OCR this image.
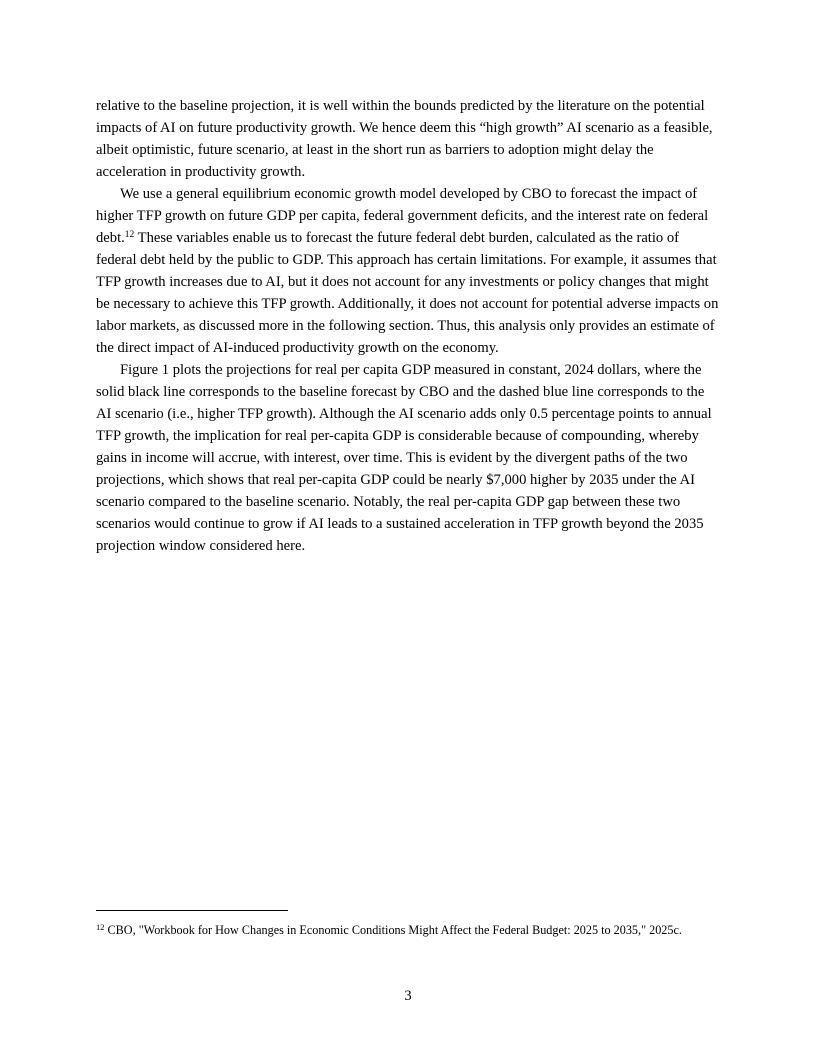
relative to the baseline projection, it is well within the bounds predicted by the literature on the potential impacts of AI on future productivity growth. We hence deem this “high growth” AI scenario as a feasible, albeit optimistic, future scenario, at least in the short run as barriers to adoption might delay the acceleration in productivity growth.

We use a general equilibrium economic growth model developed by CBO to forecast the impact of higher TFP growth on future GDP per capita, federal government deficits, and the interest rate on federal debt.$^{12}$ These variables enable us to forecast the future federal debt burden, calculated as the ratio of federal debt held by the public to GDP. This approach has certain limitations. For example, it assumes that TFP growth increases due to AI, but it does not account for any investments or policy changes that might be necessary to achieve this TFP growth. Additionally, it does not account for potential adverse impacts on labor markets, as discussed more in the following section. Thus, this analysis only provides an estimate of the direct impact of AI-induced productivity growth on the economy.

Figure 1 plots the projections for real per capita GDP measured in constant, 2024 dollars, where the solid black line corresponds to the baseline forecast by CBO and the dashed blue line corresponds to the AI scenario (i.e., higher TFP growth). Although the AI scenario adds only 0.5 percentage points to annual TFP growth, the implication for real per-capita GDP is considerable because of compounding, whereby gains in income will accrue, with interest, over time. This is evident by the divergent paths of the two projections, which shows that real per-capita GDP could be nearly $7,000 higher by 2035 under the AI scenario compared to the baseline scenario. Notably, the real per-capita GDP gap between these two scenarios would continue to grow if AI leads to a sustained acceleration in TFP growth beyond the 2035 projection window considered here.

$^{12}$ CBO, "Workbook for How Changes in Economic Conditions Might Affect the Federal Budget: 2025 to 2035," 2025c.
3
